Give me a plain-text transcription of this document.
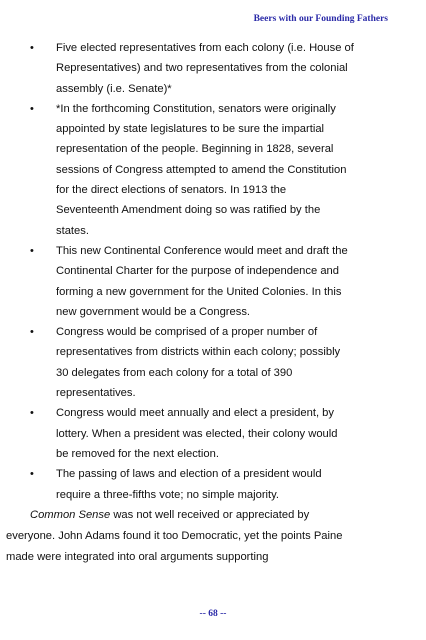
Beers with our Founding Fathers
•	Five elected representatives from each colony (i.e. House of
Representatives) and two representatives from the colonial
assembly (i.e. Senate)*
•	*In the forthcoming Constitution, senators were originally
appointed by state legislatures to be sure the impartial
representation of the people. Beginning in 1828, several
sessions of Congress attempted to amend the Constitution
for the direct elections of senators. In 1913 the
Seventeenth Amendment doing so was ratified by the
states.
•	This new Continental Conference would meet and draft the
Continental Charter for the purpose of independence and
forming a new government for the United Colonies. In this
new government would be a Congress.
•	Congress would be comprised of a proper number of
representatives from districts within each colony; possibly
30 delegates from each colony for a total of 390
representatives.
•	Congress would meet annually and elect a president, by
lottery. When a president was elected, their colony would
be removed for the next election.
•	The passing of laws and election of a president would
require a three-fifths vote; no simple majority.

Common Sense was not well received or appreciated by

everyone. John Adams found it too Democratic, yet the points Paine

made were integrated into oral arguments supporting

-- 68 --
